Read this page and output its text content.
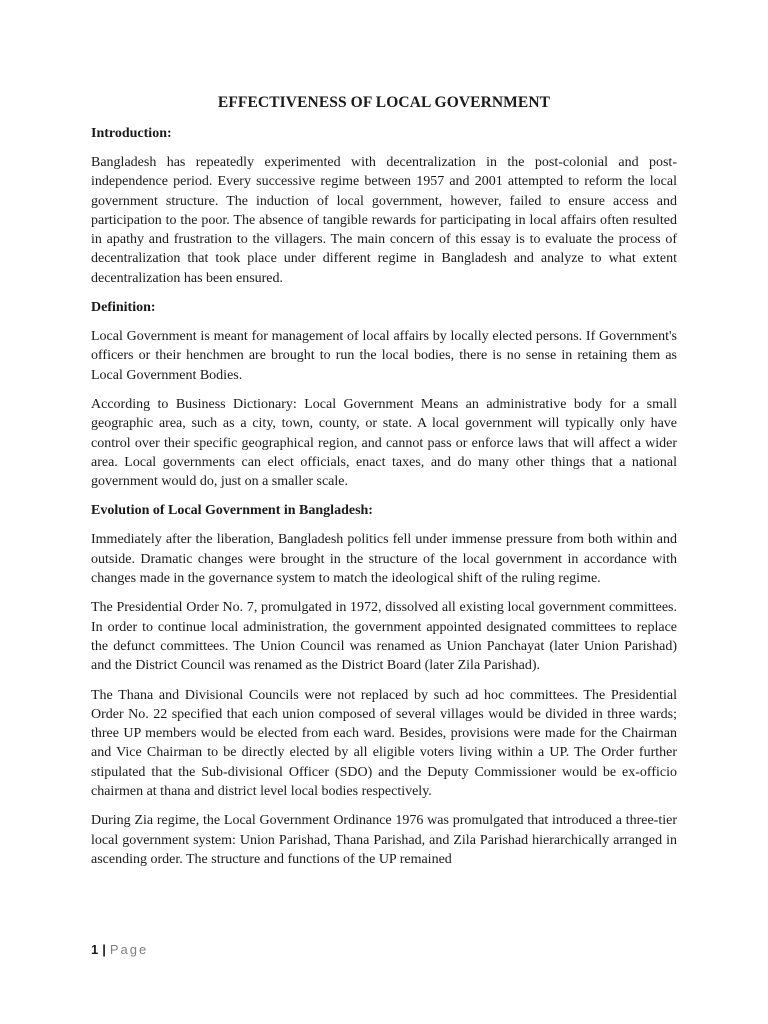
EFFECTIVENESS OF LOCAL GOVERNMENT
Introduction:

Bangladesh has repeatedly experimented with decentralization in the post-colonial and post-independence period. Every successive regime between 1957 and 2001 attempted to reform the local government structure. The induction of local government, however, failed to ensure access and participation to the poor. The absence of tangible rewards for participating in local affairs often resulted in apathy and frustration to the villagers. The main concern of this essay is to evaluate the process of decentralization that took place under different regime in Bangladesh and analyze to what extent decentralization has been ensured.

Definition:

Local Government is meant for management of local affairs by locally elected persons. If Government's officers or their henchmen are brought to run the local bodies, there is no sense in retaining them as Local Government Bodies.

According to Business Dictionary: Local Government Means an administrative body for a small geographic area, such as a city, town, county, or state. A local government will typically only have control over their specific geographical region, and cannot pass or enforce laws that will affect a wider area. Local governments can elect officials, enact taxes, and do many other things that a national government would do, just on a smaller scale.

Evolution of Local Government in Bangladesh:

Immediately after the liberation, Bangladesh politics fell under immense pressure from both within and outside. Dramatic changes were brought in the structure of the local government in accordance with changes made in the governance system to match the ideological shift of the ruling regime.

The Presidential Order No. 7, promulgated in 1972, dissolved all existing local government committees. In order to continue local administration, the government appointed designated committees to replace the defunct committees. The Union Council was renamed as Union Panchayat (later Union Parishad) and the District Council was renamed as the District Board (later Zila Parishad).

The Thana and Divisional Councils were not replaced by such ad hoc committees. The Presidential Order No. 22 specified that each union composed of several villages would be divided in three wards; three UP members would be elected from each ward. Besides, provisions were made for the Chairman and Vice Chairman to be directly elected by all eligible voters living within a UP. The Order further stipulated that the Sub-divisional Officer (SDO) and the Deputy Commissioner would be ex-officio chairmen at thana and district level local bodies respectively.

During Zia regime, the Local Government Ordinance 1976 was promulgated that introduced a three-tier local government system: Union Parishad, Thana Parishad, and Zila Parishad hierarchically arranged in ascending order. The structure and functions of the UP remained

1 | Page
